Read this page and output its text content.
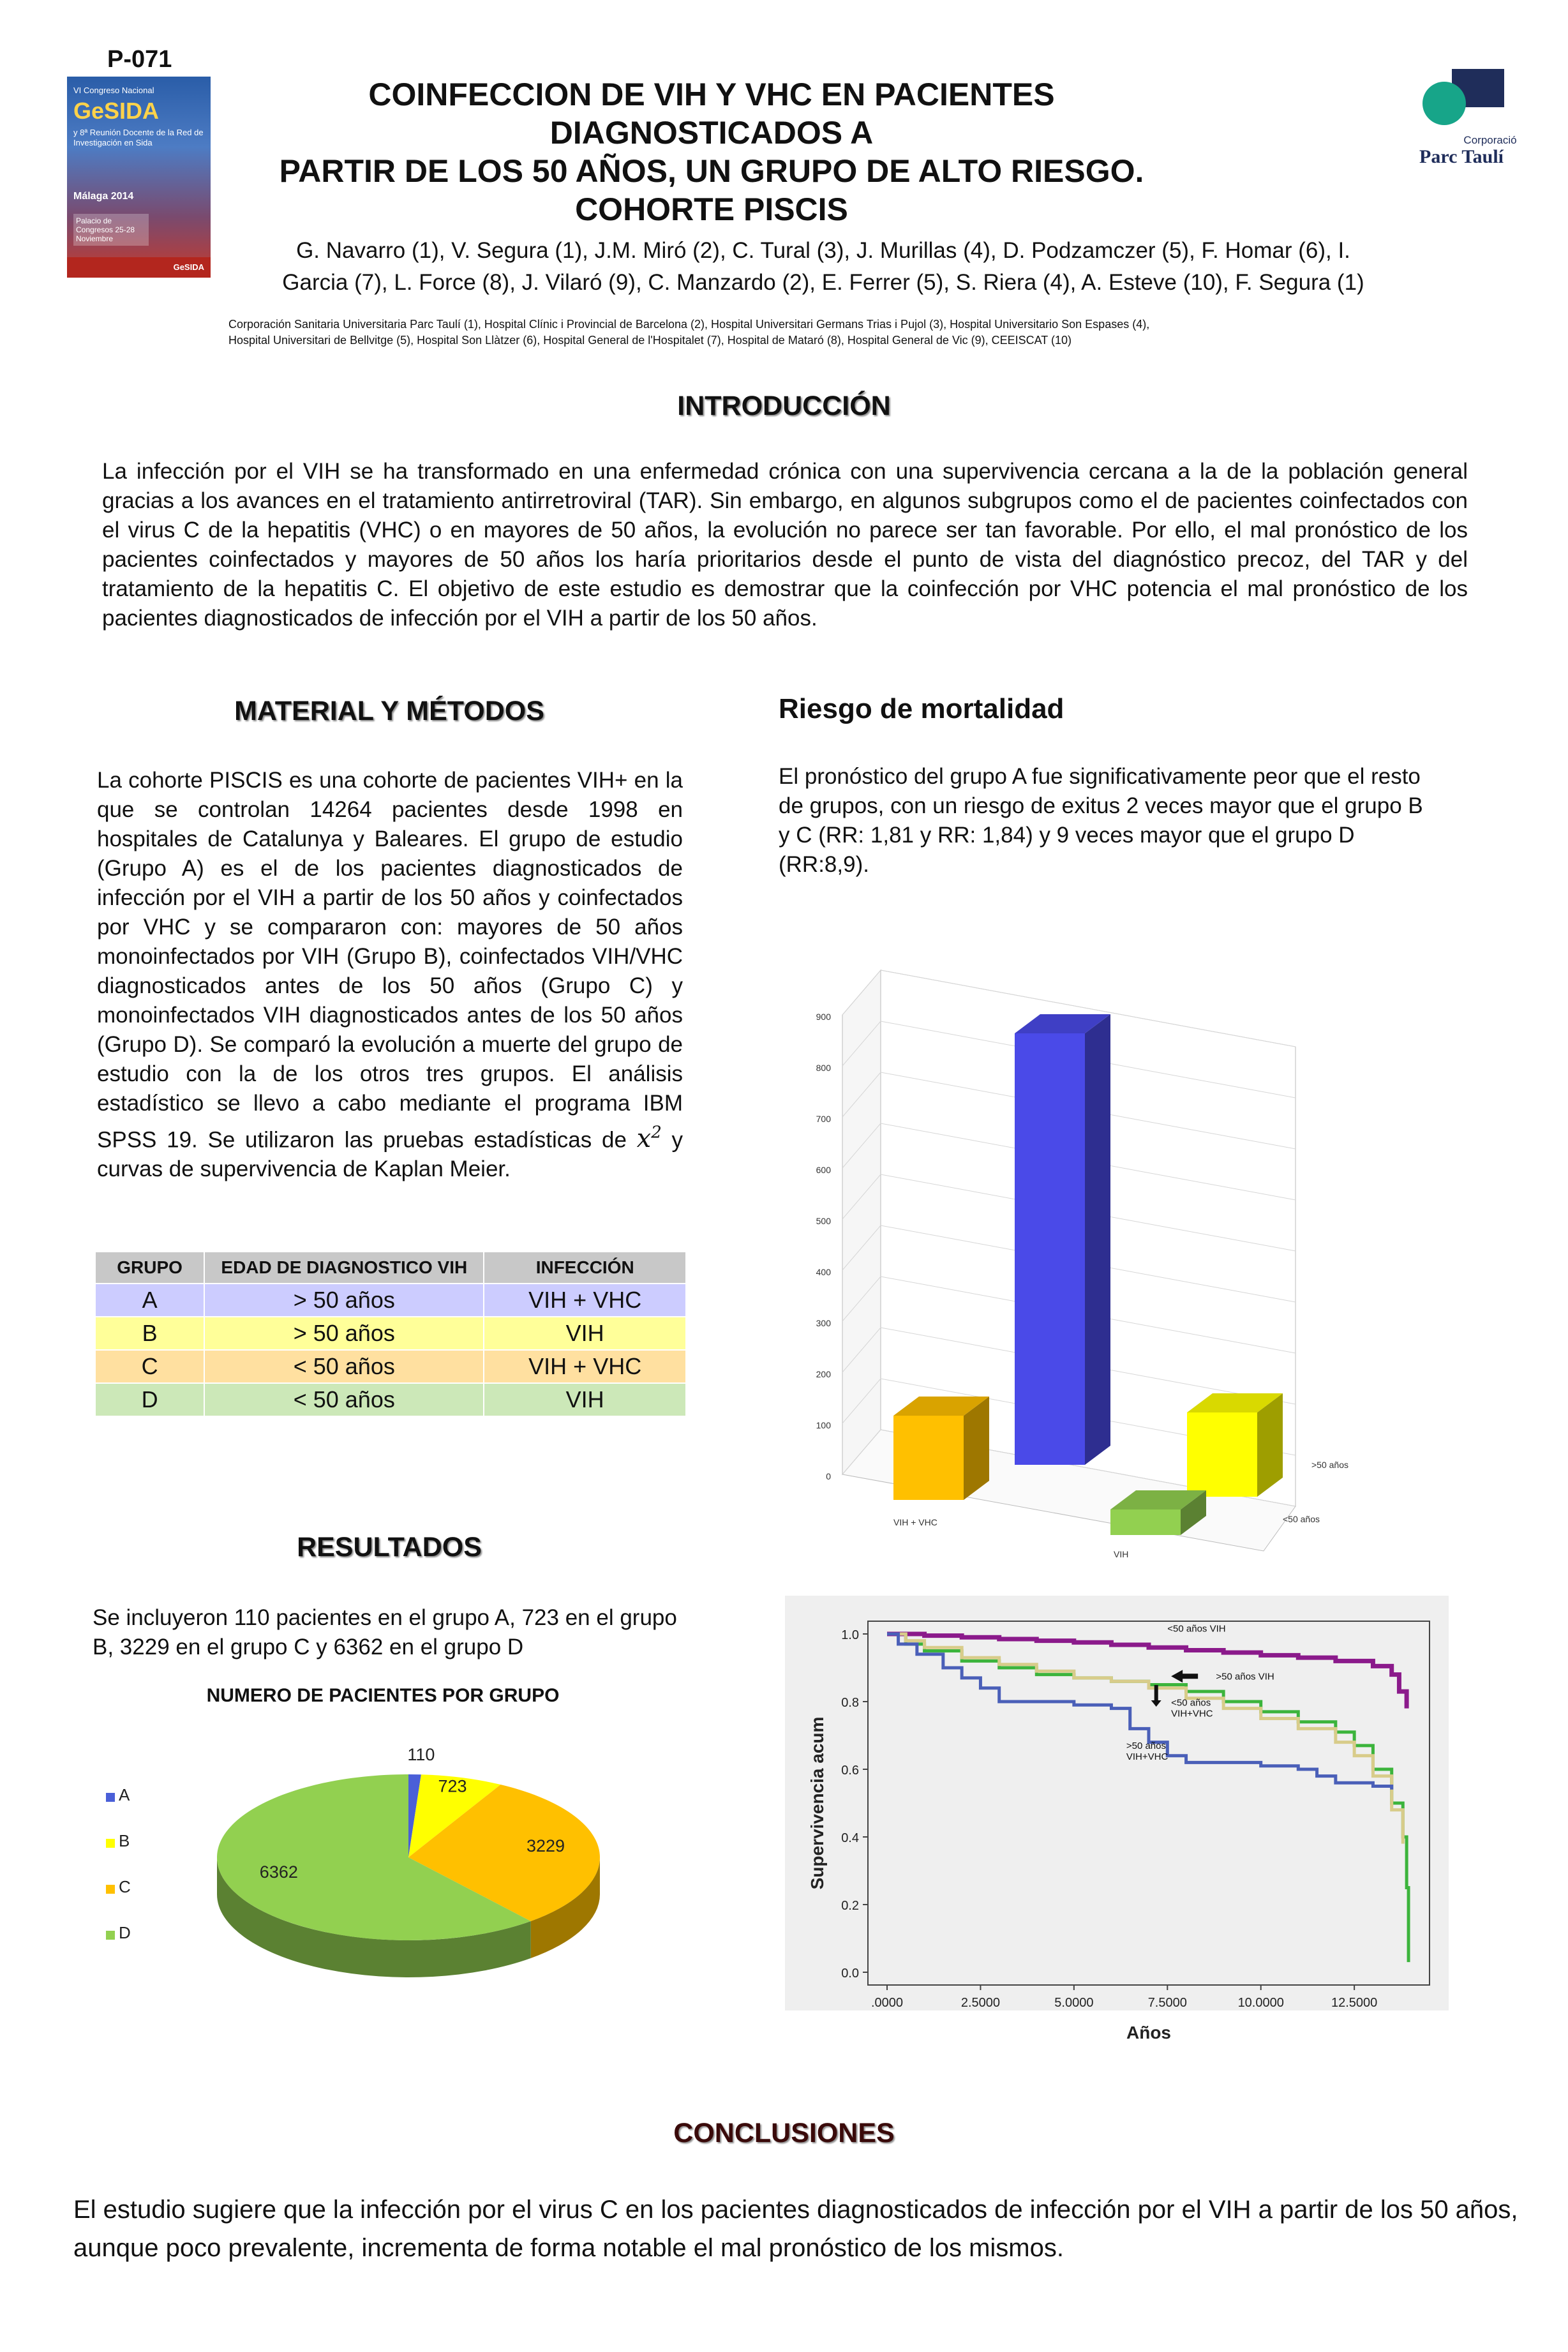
P-071
VI Congreso Nacional
GeSIDA
y 8ª Reunión Docente de la Red de Investigación en Sida
Málaga 2014
Palacio de Congresos 25-28 Noviembre
GeSIDA
COINFECCION DE VIH Y VHC EN PACIENTES DIAGNOSTICADOS A
PARTIR DE LOS 50 AÑOS, UN GRUPO DE ALTO RIESGO.
COHORTE PISCIS
Corporació
Parc Taulí
G. Navarro (1), V. Segura (1), J.M. Miró (2), C. Tural (3), J. Murillas (4), D. Podzamczer (5), F. Homar (6), I.
Garcia (7), L. Force (8), J. Vilaró (9), C. Manzardo (2), E. Ferrer (5), S. Riera (4), A. Esteve (10), F. Segura (1)
Corporación Sanitaria Universitaria Parc Taulí (1), Hospital Clínic i Provincial de Barcelona (2), Hospital Universitari Germans Trias i Pujol (3), Hospital Universitario Son Espases (4),
Hospital Universitari de Bellvitge (5), Hospital Son Llàtzer (6), Hospital General de l'Hospitalet (7), Hospital de Mataró (8), Hospital General de Vic (9), CEEISCAT (10)
INTRODUCCIÓN
La infección por el VIH se ha transformado en una enfermedad crónica con una supervivencia cercana a la de la población general gracias a los avances en el tratamiento antirretroviral (TAR). Sin embargo, en algunos subgrupos como el de pacientes coinfectados con el virus C de la hepatitis (VHC) o en mayores de 50 años, la evolución no parece ser tan favorable. Por ello, el mal pronóstico de los pacientes coinfectados y mayores de 50 años los haría prioritarios desde el punto de vista del diagnóstico precoz, del TAR y del tratamiento de la hepatitis C. El objetivo de este estudio es demostrar que la coinfección por VHC potencia el mal pronóstico de los pacientes diagnosticados de infección por el VIH a partir de los 50 años.
MATERIAL Y MÉTODOS
La cohorte PISCIS es una cohorte de pacientes VIH+ en la que se controlan 14264 pacientes desde 1998 en hospitales de Catalunya y Baleares. El grupo de estudio (Grupo A) es el de los pacientes diagnosticados de infección por el VIH a partir de los 50 años y coinfectados por VHC y se compararon con: mayores de 50 años monoinfectados por VIH (Grupo B), coinfectados VIH/VHC diagnosticados antes de los 50 años (Grupo C) y monoinfectados VIH diagnosticados antes de los 50 años (Grupo D). Se comparó la evolución a muerte del grupo de estudio con la de los otros tres grupos. El análisis estadístico se llevo a cabo mediante el programa IBM SPSS 19. Se utilizaron las pruebas estadísticas de $x^2$ y curvas de supervivencia de Kaplan Meier.
GRUPO	EDAD DE DIAGNOSTICO VIH	INFECCIÓN
A	> 50 años	VIH + VHC
B	> 50 años	VIH
C	< 50 años	VIH + VHC
D	< 50 años	VIH
Riesgo de mortalidad
El pronóstico del grupo A fue significativamente peor que el resto de grupos, con un riesgo de exitus 2 veces mayor que el grupo B y C (RR: 1,81 y RR: 1,84) y 9 veces mayor que el grupo D (RR:8,9).
0
100
200
300
400
500
600
700
800
900
VIH + VHC
VIH
>50 años
<50 años
RESULTADOS
Se incluyeron 110 pacientes en el grupo A, 723 en el grupo B, 3229 en el grupo C y 6362 en el grupo D
NUMERO DE PACIENTES POR GRUPO
A
B
C
D
110
723
3229
6362
0.0
0.2
0.4
0.6
0.8
1.0
.0000	2.5000	5.0000	7.5000	10.0000	12.5000
Años
Supervivencia acum
<50 años VIH
>50 años VIH
<50 años
VIH+VHC
>50 años
VIH+VHC
CONCLUSIONES
El estudio sugiere que la infección por el virus C en los pacientes diagnosticados de infección por el VIH a partir de los 50 años, aunque poco prevalente, incrementa de forma notable el mal pronóstico de los mismos.
